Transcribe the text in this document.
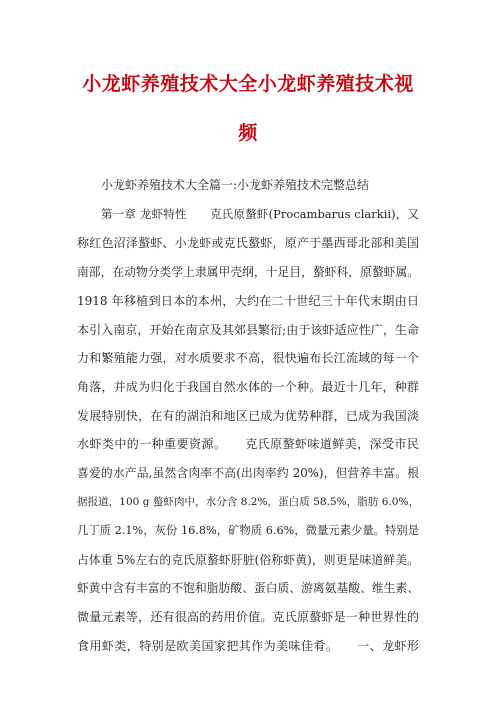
小龙虾养殖技术大全小龙虾养殖技术视
频
小龙虾养殖技术大全篇一:小龙虾养殖技术完整总结
第一章 龙虾特性　　克氏原螯虾(Procambarus clarkii)，又
称红色沼泽螯虾、小龙虾或克氏螯虾，原产于墨西哥北部和美国
南部，在动物分类学上隶属甲壳纲，十足目，螯虾科，原螯虾属。
1918 年移植到日本的本州，大约在二十世纪三十年代末期由日
本引入南京，开始在南京及其郊县繁衍;由于该虾适应性广，生命
力和繁殖能力强，对水质要求不高，很快遍布长江流域的每一个
角落，并成为归化于我国自然水体的一个种。最近十几年，种群
发展特别快，在有的湖泊和地区已成为优势种群，已成为我国淡
水虾类中的一种重要资源。　　克氏原螯虾味道鲜美，深受市民
喜爱的水产品,虽然含肉率不高(出肉率约 20%)，但营养丰富。根
据报道，100 g 螯虾肉中，水分含 8.2%，蛋白质 58.5%，脂肪 6.0%，
几丁质 2.1%，灰份 16.8%，矿物质 6.6%，微量元素少量。特别是
占体重 5%左右的克氏原螯虾肝脏(俗称虾黄)，则更是味道鲜美。
虾黄中含有丰富的不饱和脂肪酸、蛋白质、游离氨基酸、维生素、
微量元素等，还有很高的药用价值。克氏原螯虾是一种世界性的
食用虾类，特别是欧美国家把其作为美味佳肴。　　一、龙虾形
